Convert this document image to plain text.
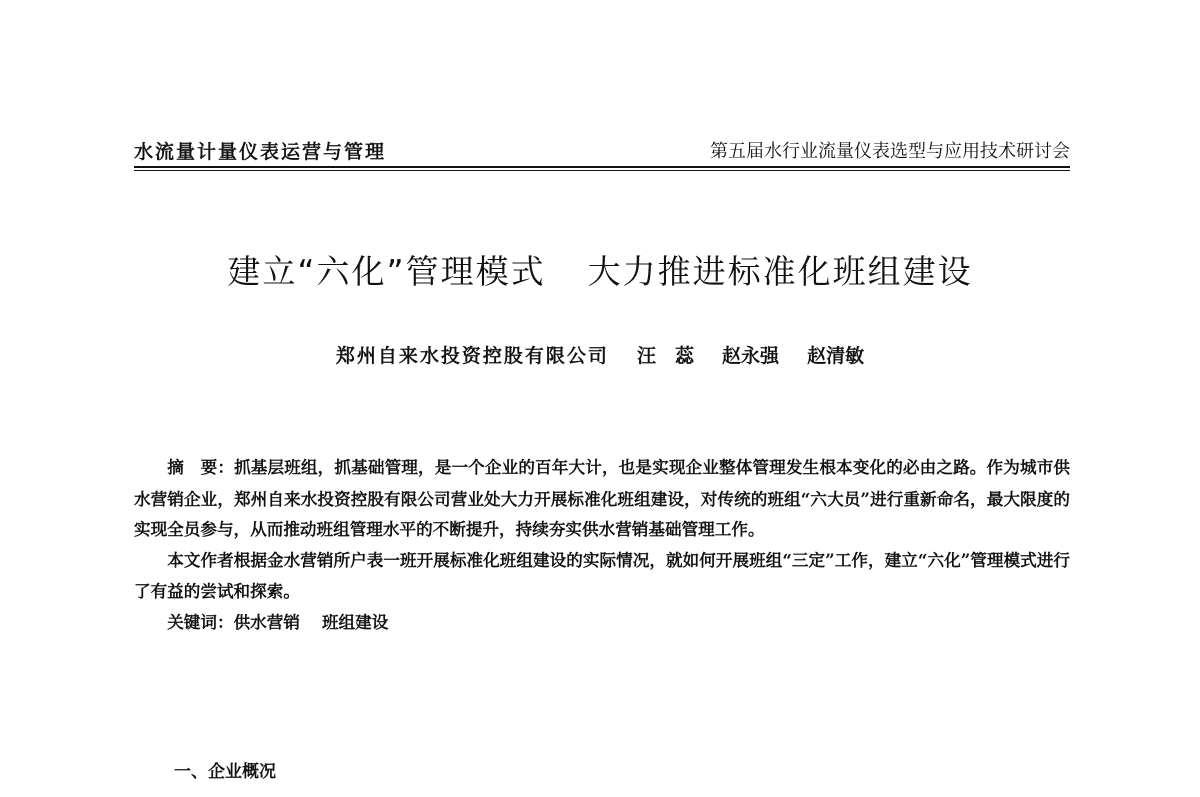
水流量计量仪表运营与管理	第五届水行业流量仪表选型与应用技术研讨会
建立“六化”管理模式 大力推进标准化班组建设
郑州自来水投资控股有限公司 汪　蕊 赵永强 赵清敏

摘　要：抓基层班组，抓基础管理，是一个企业的百年大计，也是实现企业整体管理发生根本变化的必由之路。作为城市供水营销企业，郑州自来水投资控股有限公司营业处大力开展标准化班组建设，对传统的班组“六大员”进行重新命名，最大限度的实现全员参与，从而推动班组管理水平的不断提升，持续夯实供水营销基础管理工作。

本文作者根据金水营销所户表一班开展标准化班组建设的实际情况，就如何开展班组“三定”工作，建立“六化”管理模式进行了有益的尝试和探索。

关键词：供水营销 班组建设

一、企业概况
